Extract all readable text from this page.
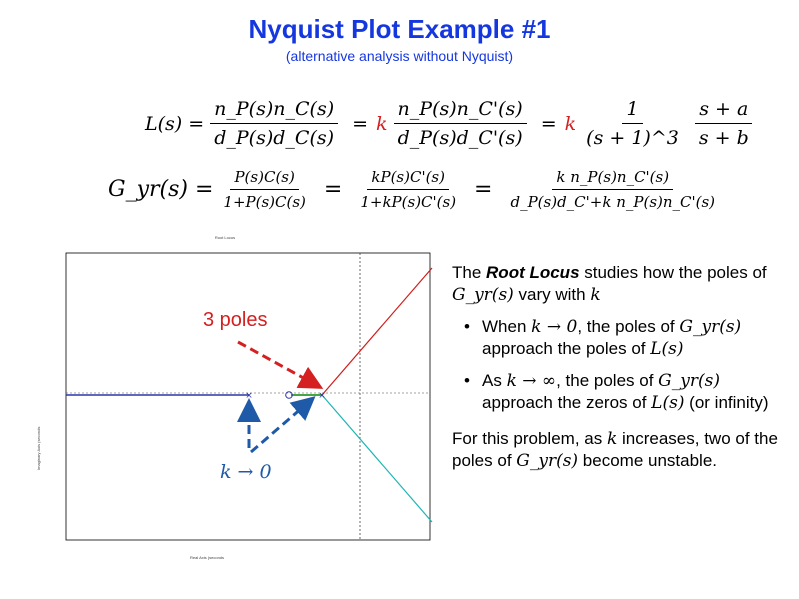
Nyquist Plot Example #1
(alternative analysis without Nyquist)
$L(s) = \frac{n\_P(s)n\_C(s)}{d\_P(s)d\_C(s)} = k \frac{n\_P(s)n\_C'(s)}{d\_P(s)d\_C'(s)} = k \frac{1}{(s + 1)\^{}3} \frac{s + a}{s + b}$
G_yr(s) = $\frac{P(s)C(s)}{1+P(s)C(s)} = \frac{kP(s)C'(s)}{1+kP(s)C'(s)} = \frac{\text{k n\_P(s)n\_C'(s)}}{\text{d\_P(s)d\_C'+k n\_P(s)n\_C'(s)}}$
Root Locus
×	×
3 poles
k → 0
Real Axis (seconds
Imaginary Axis (seconds

The Root Locus studies how the poles of G_yr(s) vary with k

• When k → 0, the poles of G_yr(s) approach the poles of L(s)
• As k → ∞, the poles of G_yr(s) approach the zeros of L(s) (or infinity)

For this problem, as k increases, two of the poles of G_yr(s) become unstable.
